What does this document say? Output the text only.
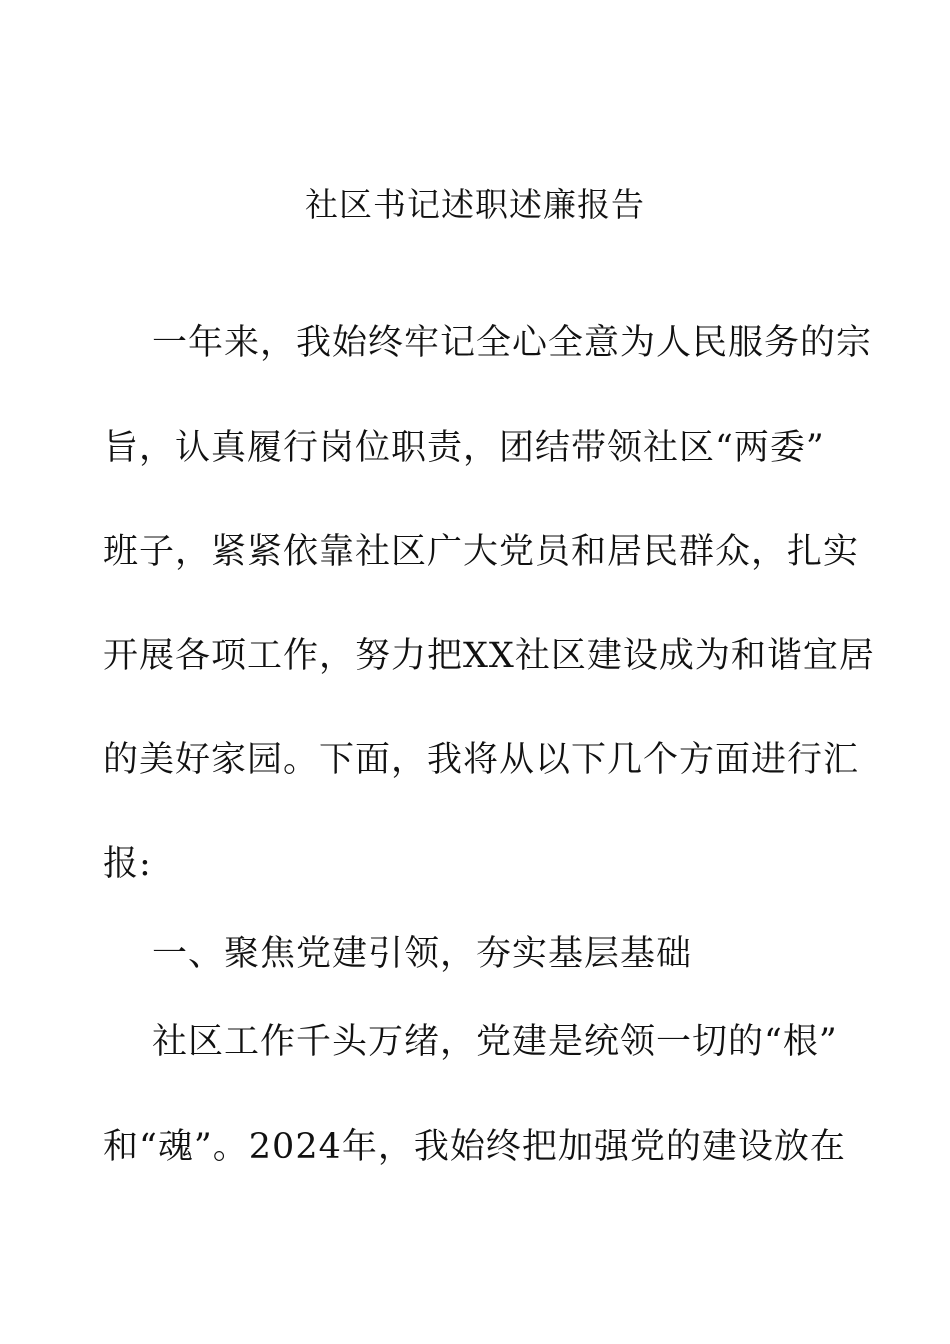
社区书记述职述廉报告
一年来，我始终牢记全心全意为人民服务的宗
旨，认真履行岗位职责，团结带领社区“两委”
班子，紧紧依靠社区广大党员和居民群众，扎实
开展各项工作，努力把XX社区建设成为和谐宜居
的美好家园。下面，我将从以下几个方面进行汇
报:
一、聚焦党建引领，夯实基层基础
社区工作千头万绪，党建是统领一切的“根”
和“魂”。2024年，我始终把加强党的建设放在
